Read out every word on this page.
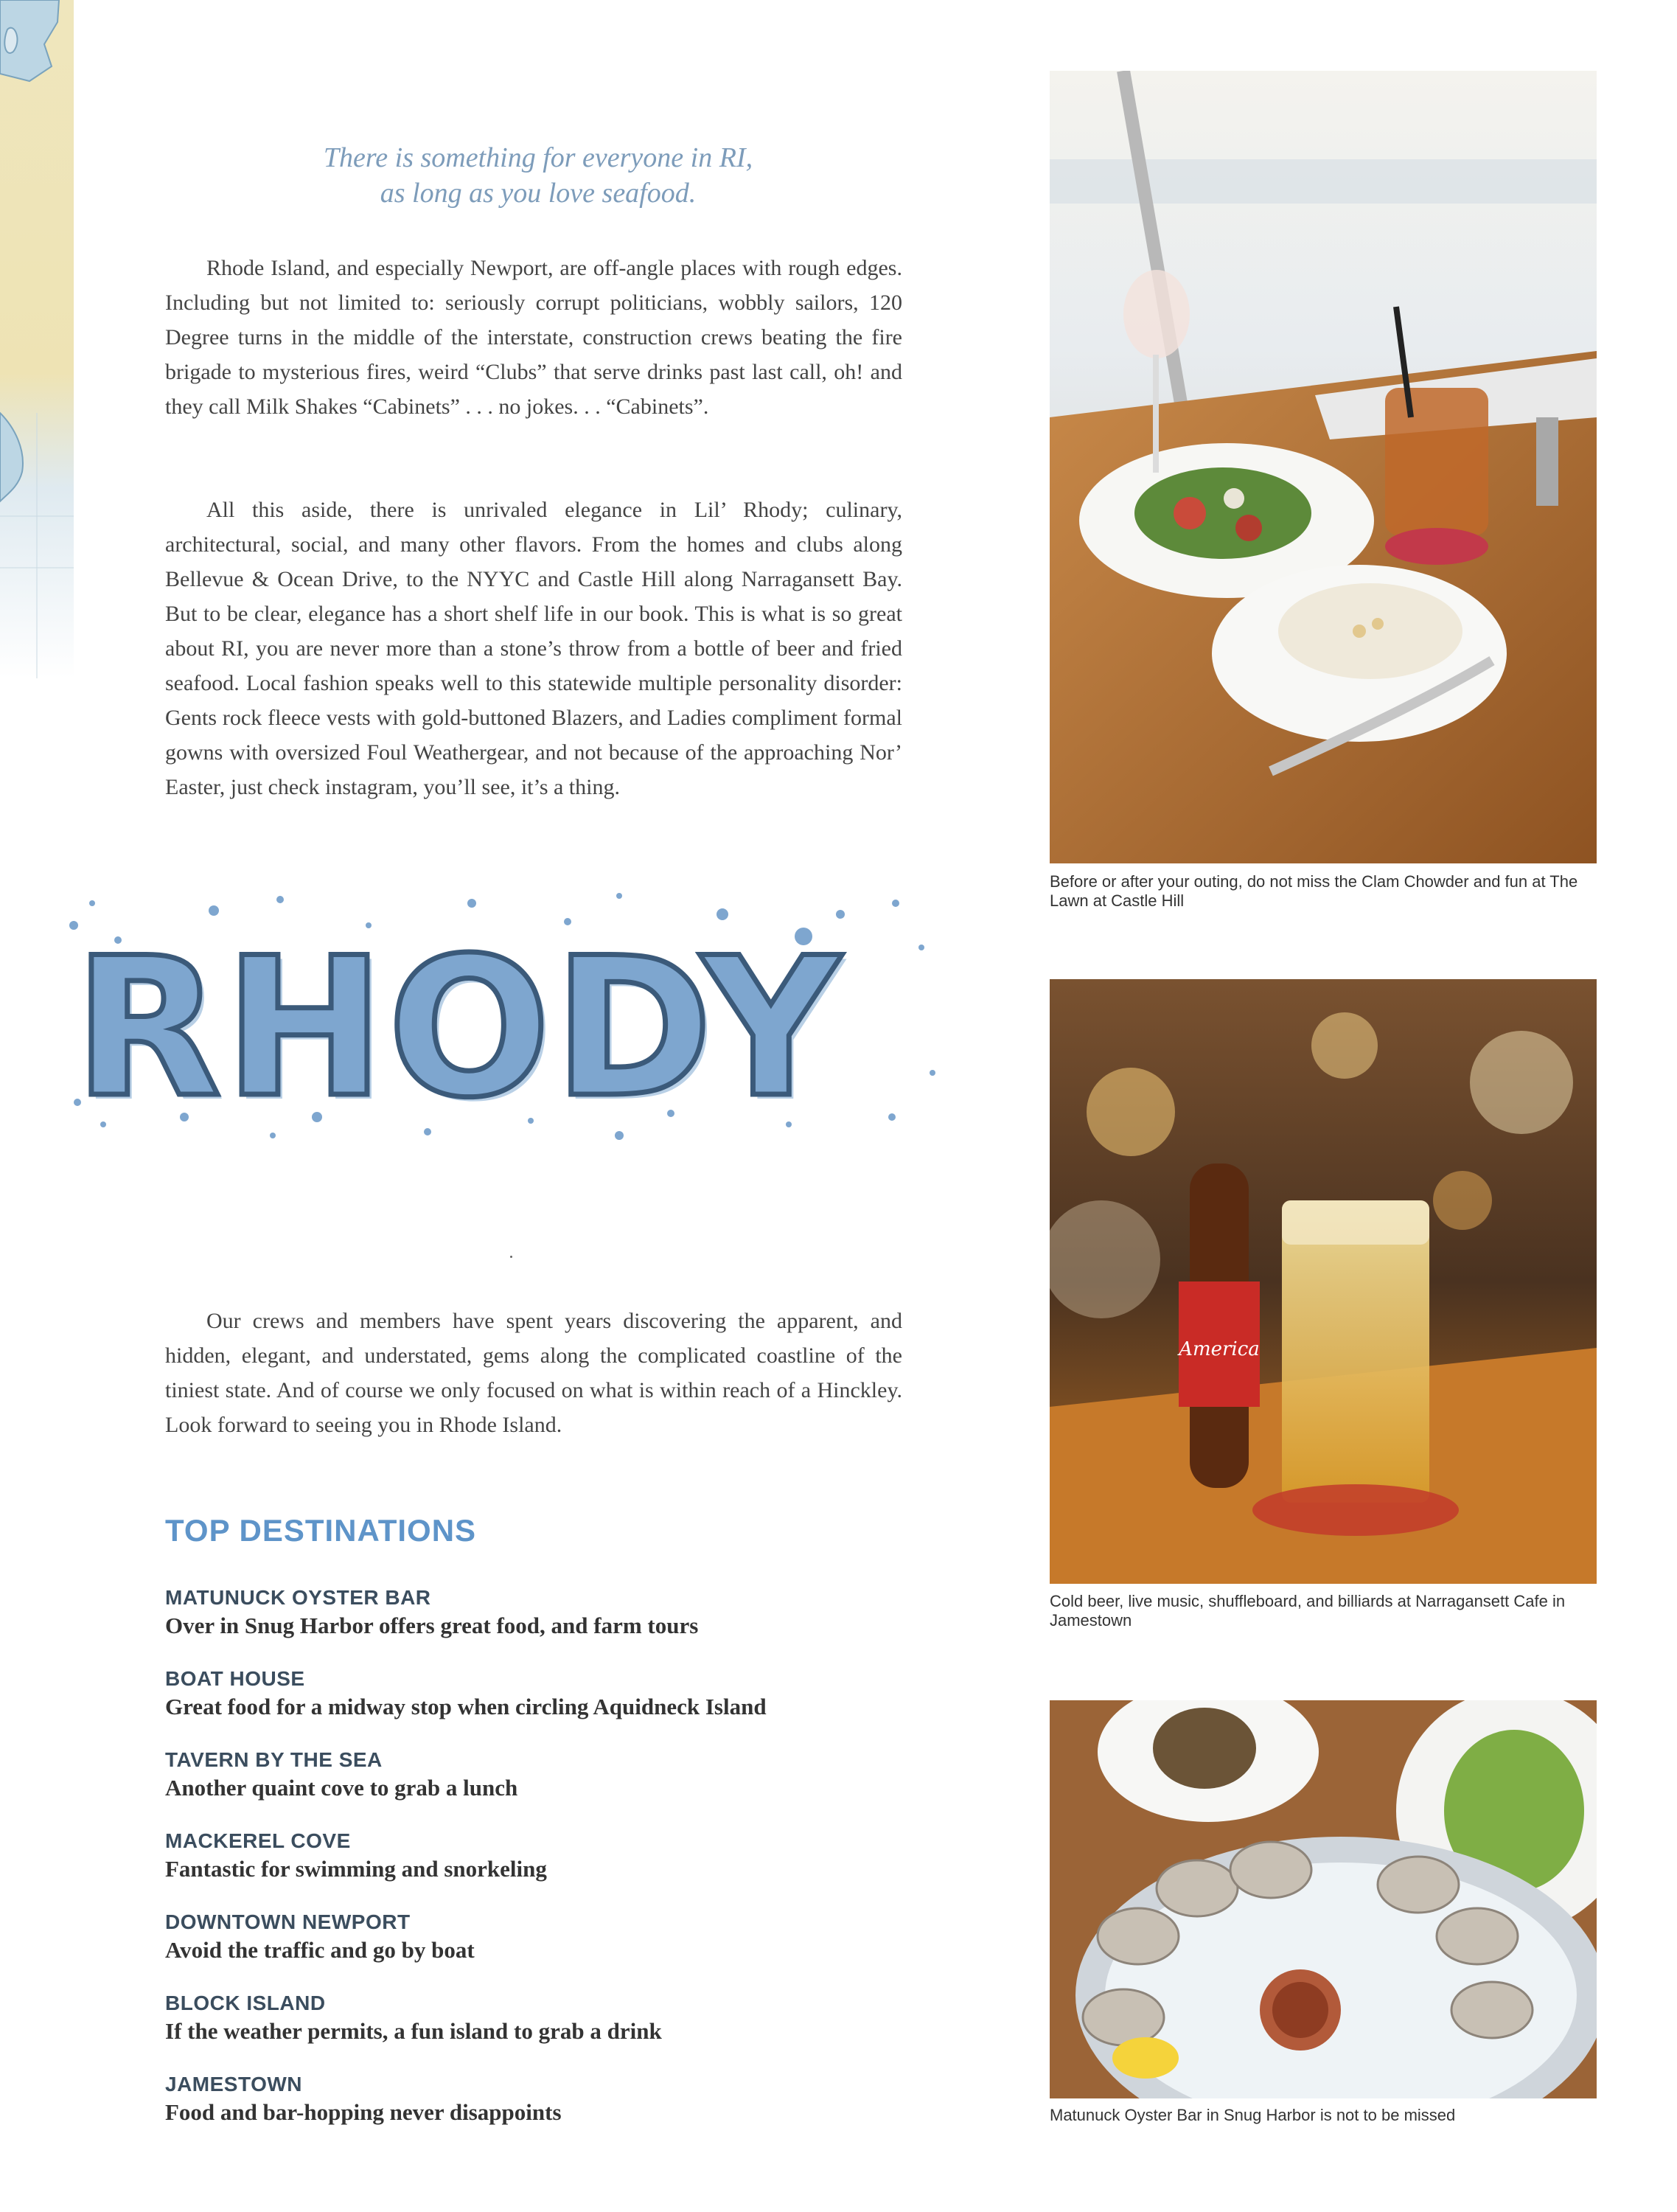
There is something for everyone in RI,
as long as you love seafood.

Rhode Island, and especially Newport, are off-angle places with rough edges. Including but not limited to: seriously corrupt politicians, wobbly sailors, 120 Degree turns in the middle of the interstate, construction crews beating the fire brigade to mysterious fires, weird “Clubs” that serve drinks past last call, oh! and they call Milk Shakes “Cabinets” . . . no jokes. . . “Cabinets”.

All this aside, there is unrivaled elegance in Lil’ Rhody; culinary, architectural, social, and many other flavors. From the homes and clubs along Bellevue & Ocean Drive, to the NYYC and Castle Hill along Narragansett Bay. But to be clear, elegance has a short shelf life in our book. This is what is so great about RI, you are never more than a stone’s throw from a bottle of beer and fried seafood. Local fashion speaks well to this statewide multiple personality disorder: Gents rock fleece vests with gold-buttoned Blazers, and Ladies compliment formal gowns with oversized Foul Weathergear, and not because of the approaching Nor’ Easter, just check instagram, you’ll see, it’s a thing.

RHODY

Our crews and members have spent years discovering the apparent, and hidden, elegant, and understated, gems along the complicated coastline of the tiniest state. And of course we only focused on what is within reach of a Hinckley. Look forward to seeing you in Rhode Island.

TOP DESTINATIONS
MATUNUCK OYSTER BAR
Over in Snug Harbor offers great food, and farm tours
BOAT HOUSE
Great food for a midway stop when circling Aquidneck Island
TAVERN BY THE SEA
Another quaint cove to grab a lunch
MACKEREL COVE
Fantastic for swimming and snorkeling
DOWNTOWN NEWPORT
Avoid the traffic and go by boat
BLOCK ISLAND
If the weather permits, a fun island to grab a drink
JAMESTOWN
Food and bar-hopping never disappoints
Before or after your outing, do not miss the Clam Chowder and fun at The Lawn at Castle Hill
America
Cold beer, live music, shuffleboard, and billiards at Narragansett Cafe in Jamestown
Matunuck Oyster Bar in Snug Harbor is not to be missed
